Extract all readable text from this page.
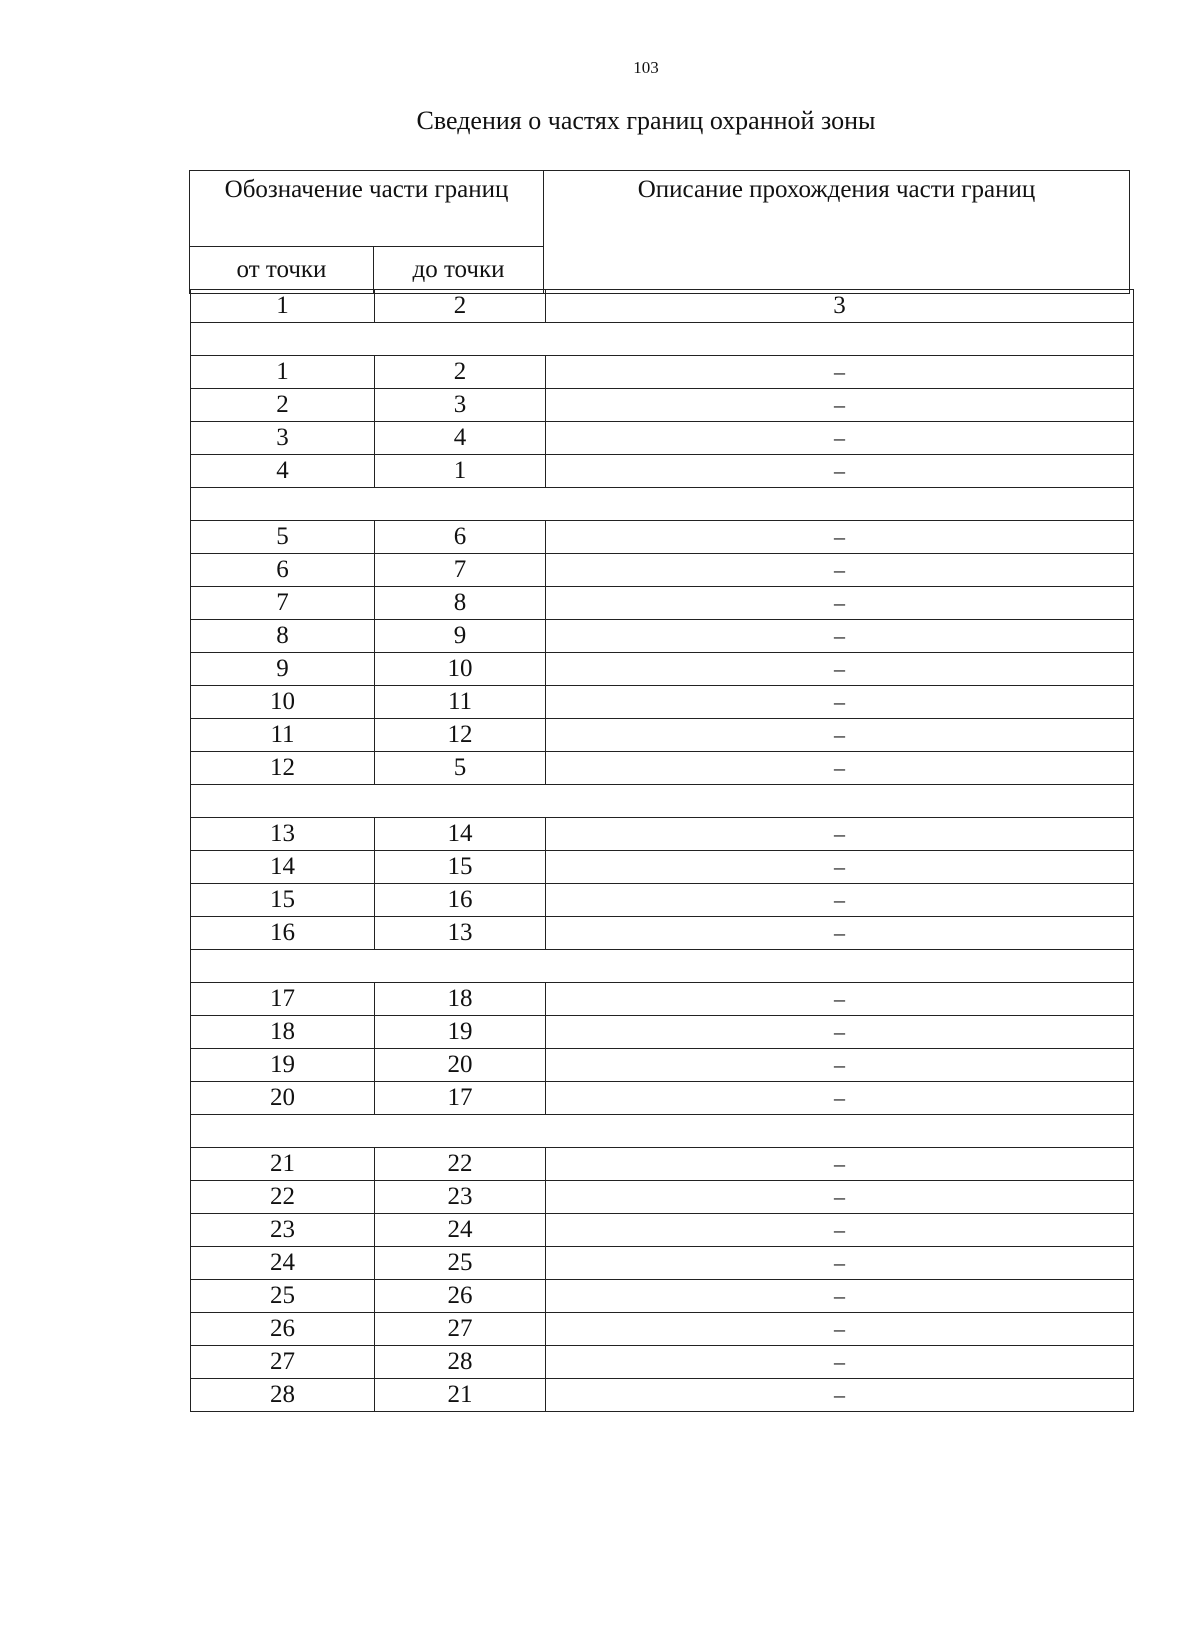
103
Сведения о частях границ охранной зоны
Обозначение части границ		Описание прохождения части границ
от точки	до точки	
1	2	3

1	2	–
2	3	–
3	4	–
4	1	–

5	6	–
6	7	–
7	8	–
8	9	–
9	10	–
10	11	–
11	12	–
12	5	–

13	14	–
14	15	–
15	16	–
16	13	–

17	18	–
18	19	–
19	20	–
20	17	–

21	22	–
22	23	–
23	24	–
24	25	–
25	26	–
26	27	–
27	28	–
28	21	–
